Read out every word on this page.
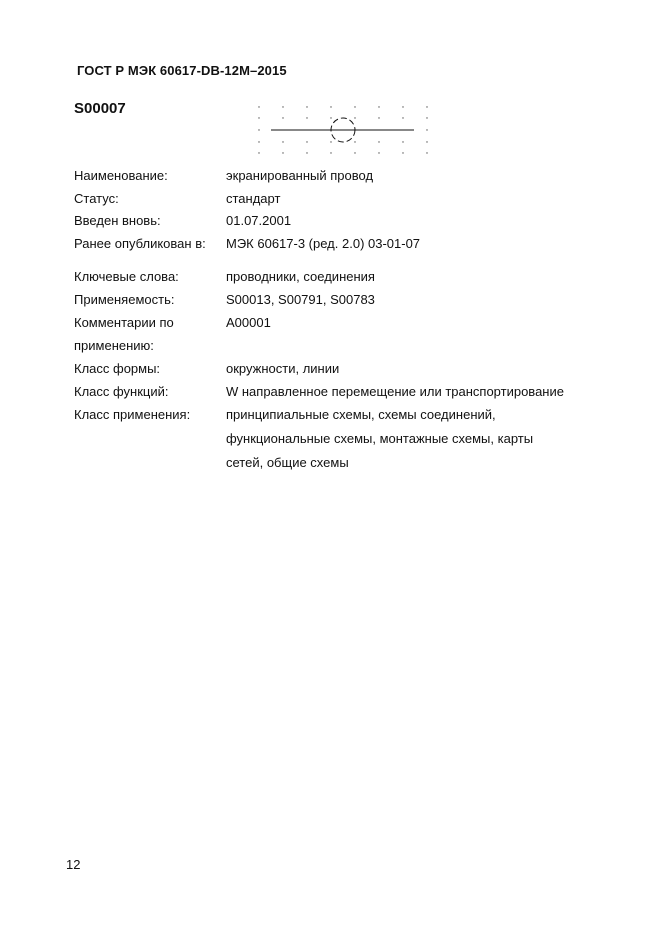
ГОСТ Р МЭК 60617-DB-12M–2015
S00007
Наименование:	экранированный провод
Статус:	стандарт
Введен вновь:	01.07.2001
Ранее опубликован в:	МЭК 60617-3 (ред. 2.0) 03-01-07
Ключевые слова:	проводники, соединения
Применяемость:	S00013, S00791, S00783
Комментарии по	A00001
применению:
Класс формы:	окружности, линии
Класс функций:	W направленное перемещение или транспортирование
Класс применения:	принципиальные схемы, схемы соединений,
функциональные схемы, монтажные схемы, карты
сетей, общие схемы
12
